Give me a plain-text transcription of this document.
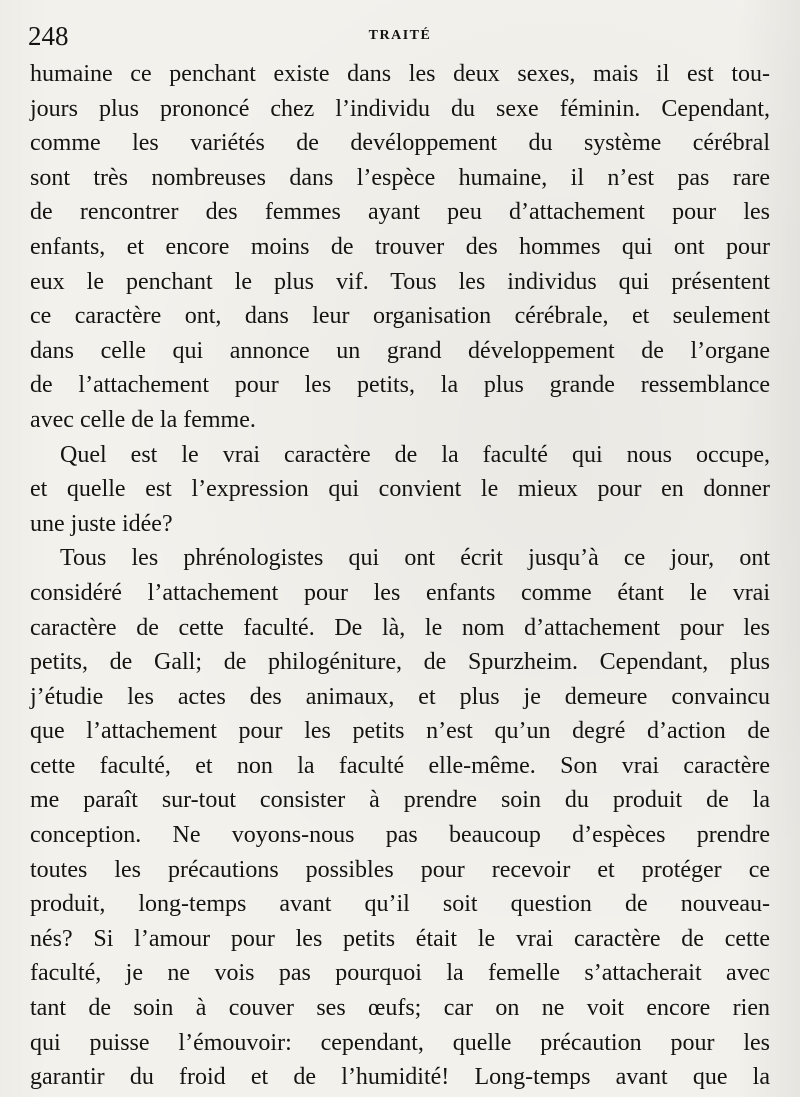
248	TRAITÉ
humaine ce penchant existe dans les deux sexes, mais il est tou-
jours plus prononcé chez l’individu du sexe féminin. Cependant,
comme les variétés de devéloppement du système cérébral
sont très nombreuses dans l’espèce humaine, il n’est pas rare
de rencontrer des femmes ayant peu d’attachement pour les
enfants, et encore moins de trouver des hommes qui ont pour
eux le penchant le plus vif. Tous les individus qui présentent
ce caractère ont, dans leur organisation cérébrale, et seulement
dans celle qui annonce un grand développement de l’organe
de l’attachement pour les petits, la plus grande ressemblance
avec celle de la femme.
Quel est le vrai caractère de la faculté qui nous occupe,
et quelle est l’expression qui convient le mieux pour en donner
une juste idée?
Tous les phrénologistes qui ont écrit jusqu’à ce jour, ont
considéré l’attachement pour les enfants comme étant le vrai
caractère de cette faculté. De là, le nom d’attachement pour les
petits, de Gall; de philogéniture, de Spurzheim. Cependant, plus
j’étudie les actes des animaux, et plus je demeure convaincu
que l’attachement pour les petits n’est qu’un degré d’action de
cette faculté, et non la faculté elle-même. Son vrai caractère
me paraît sur-tout consister à prendre soin du produit de la
conception. Ne voyons-nous pas beaucoup d’espèces prendre
toutes les précautions possibles pour recevoir et protéger ce
produit, long-temps avant qu’il soit question de nouveau-
nés? Si l’amour pour les petits était le vrai caractère de cette
faculté, je ne vois pas pourquoi la femelle s’attacherait avec
tant de soin à couver ses œufs; car on ne voit encore rien
qui puisse l’émouvoir: cependant, quelle précaution pour les
garantir du froid et de l’humidité! Long-temps avant que la
